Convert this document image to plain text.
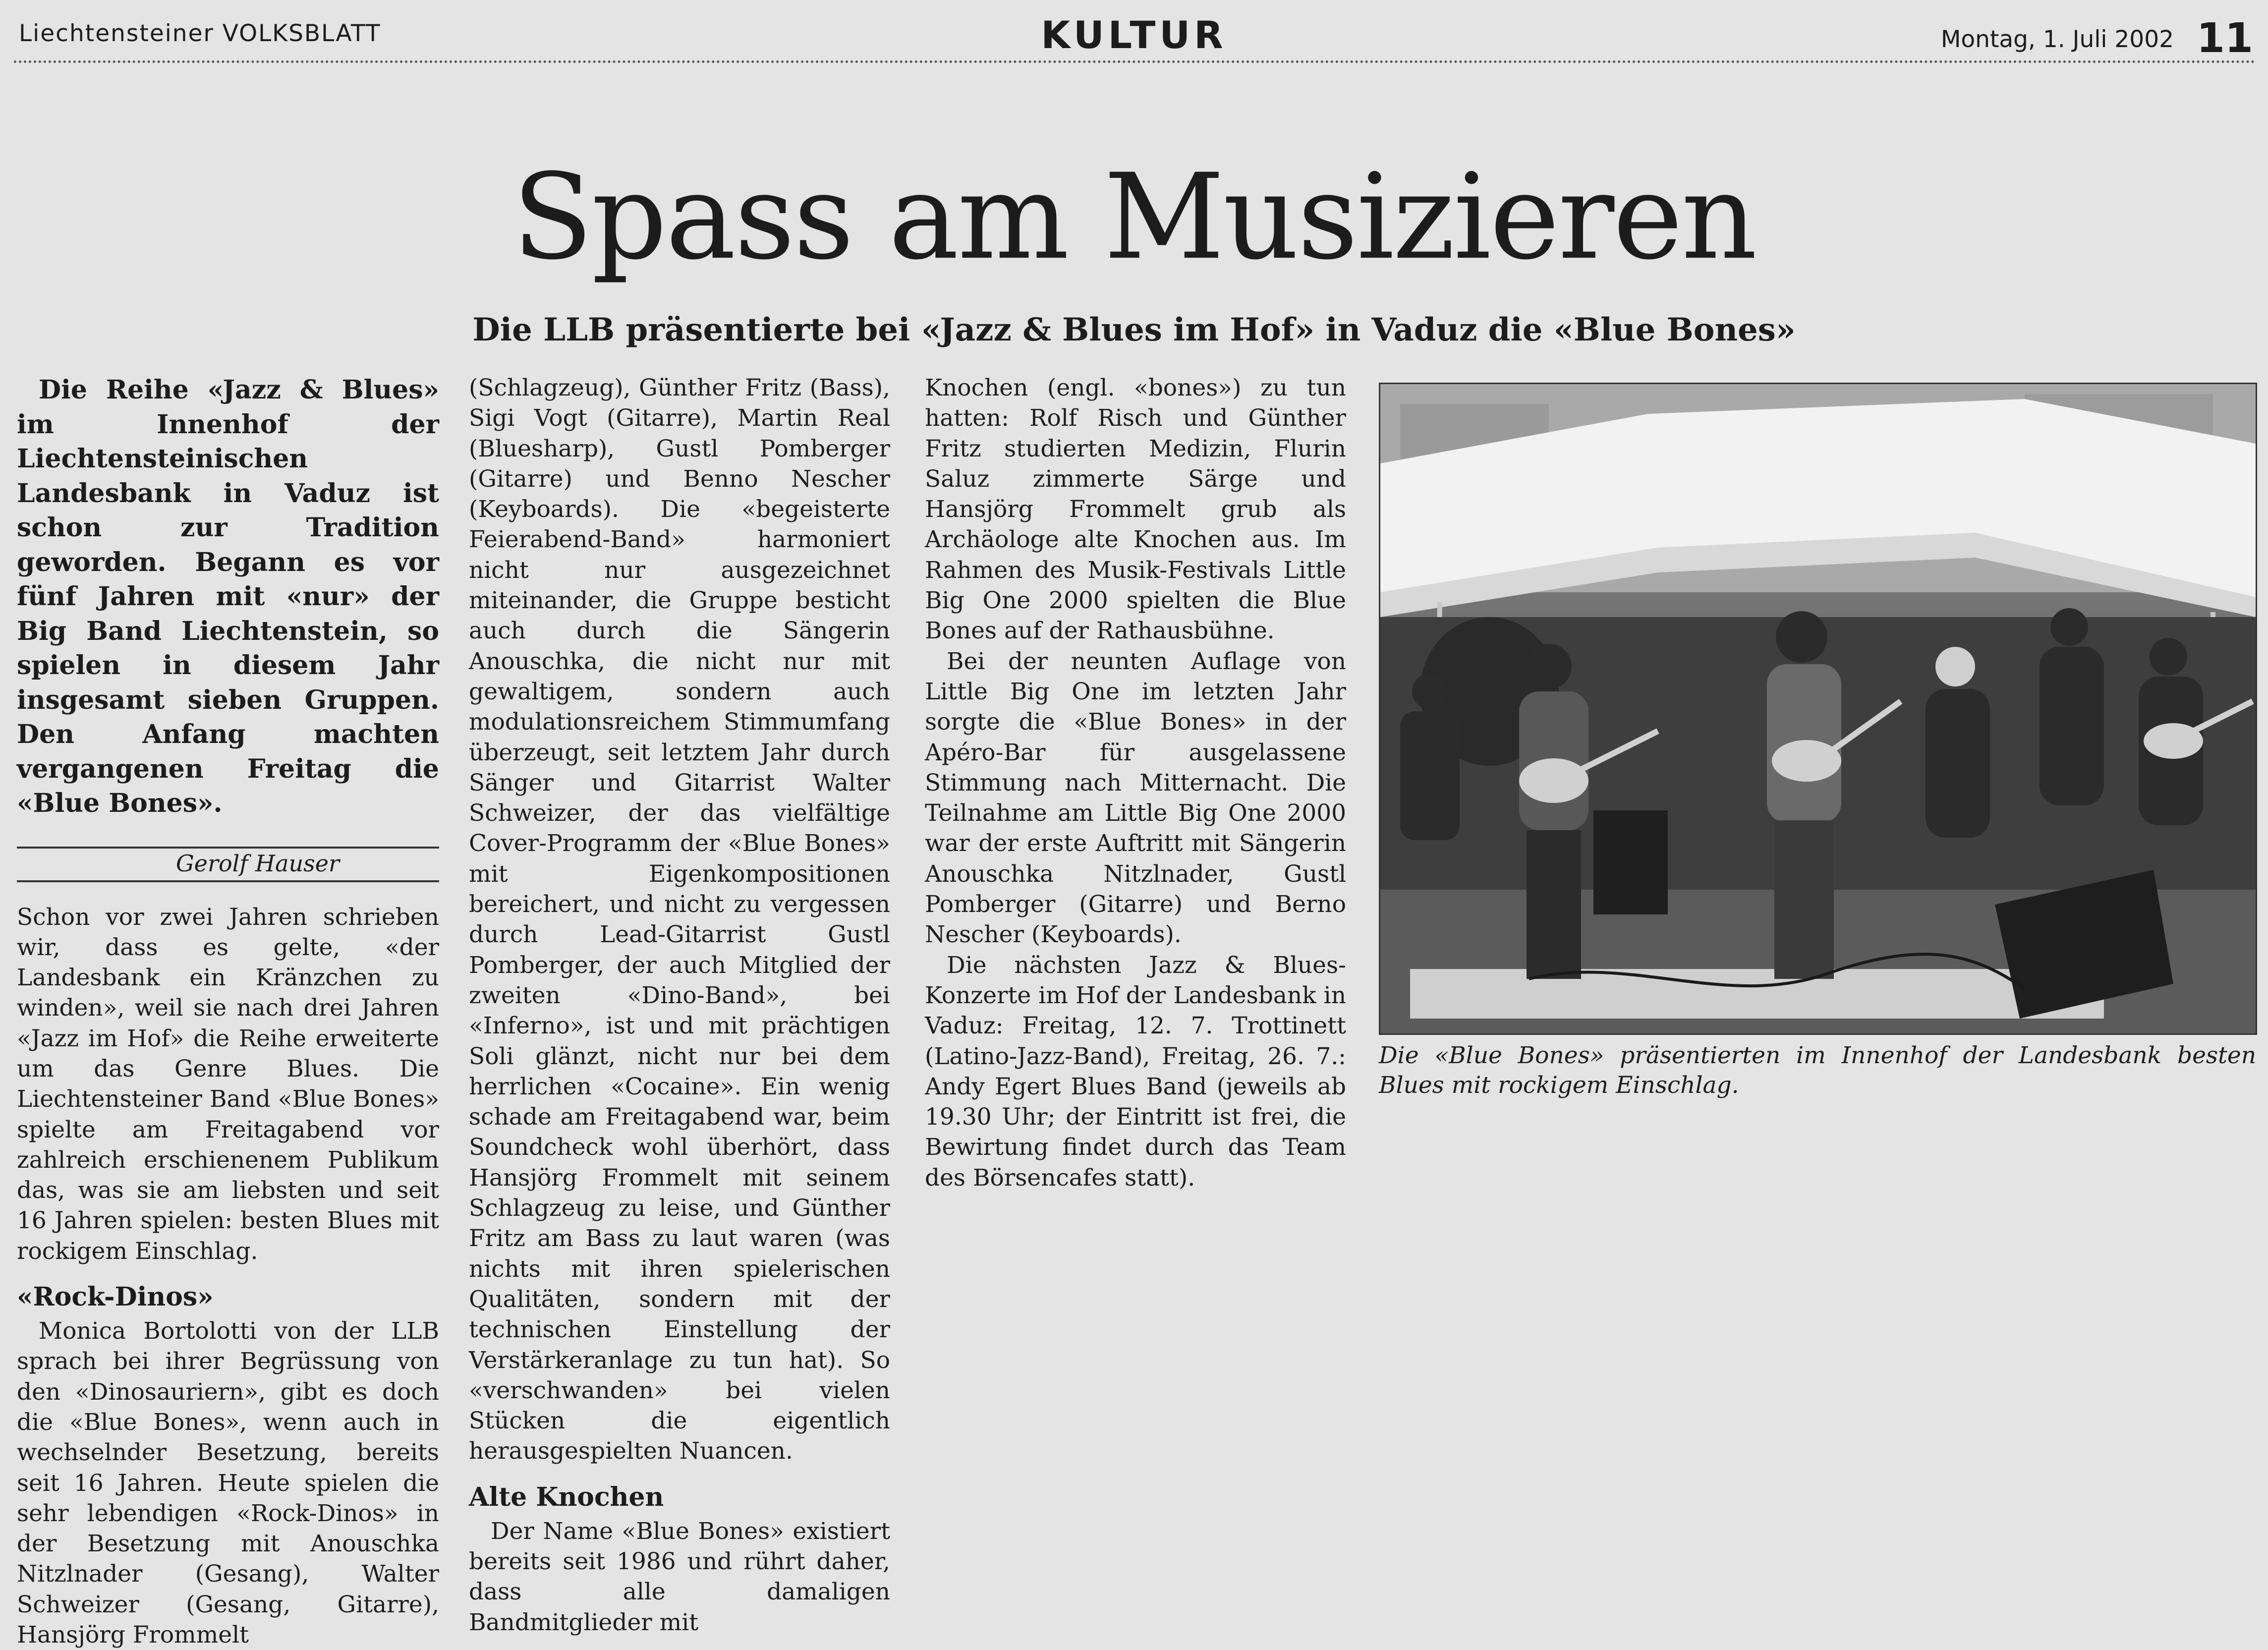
Liechtensteiner VOLKSBLATT	KULTUR	Montag, 1. Juli 2002 11
Spass am Musizieren
Die LLB präsentierte bei «Jazz & Blues im Hof» in Vaduz die «Blue Bones»

Die Reihe «Jazz & Blues» im Innenhof der Liechtensteinischen Landesbank in Vaduz ist schon zur Tradition geworden. Begann es vor fünf Jahren mit «nur» der Big Band Liechtenstein, so spielen in diesem Jahr insgesamt sieben Gruppen. Den Anfang machten vergangenen Freitag die «Blue Bones».

Gerolf Hauser

Schon vor zwei Jahren schrieben wir, dass es gelte, «der Landesbank ein Kränzchen zu winden», weil sie nach drei Jahren «Jazz im Hof» die Reihe erweiterte um das Genre Blues. Die Liechtensteiner Band «Blue Bones» spielte am Freitagabend vor zahlreich erschienenem Publikum das, was sie am liebsten und seit 16 Jahren spielen: besten Blues mit rockigem Einschlag.

«Rock-Dinos»

Monica Bortolotti von der LLB sprach bei ihrer Begrüssung von den «Dinosauriern», gibt es doch die «Blue Bones», wenn auch in wechselnder Besetzung, bereits seit 16 Jahren. Heute spielen die sehr lebendigen «Rock-Dinos» in der Besetzung mit Anouschka Nitzlnader (Gesang), Walter Schweizer (Gesang, Gitarre), Hansjörg Frommelt

(Schlagzeug), Günther Fritz (Bass), Sigi Vogt (Gitarre), Martin Real (Bluesharp), Gustl Pomberger (Gitarre) und Benno Nescher (Keyboards). Die «begeisterte Feierabend-Band» harmoniert nicht nur ausgezeichnet miteinander, die Gruppe besticht auch durch die Sängerin Anouschka, die nicht nur mit gewaltigem, sondern auch modulationsreichem Stimmumfang überzeugt, seit letztem Jahr durch Sänger und Gitarrist Walter Schweizer, der das vielfältige Cover-Programm der «Blue Bones» mit Eigenkompositionen bereichert, und nicht zu vergessen durch Lead-Gitarrist Gustl Pomberger, der auch Mitglied der zweiten «Dino-Band», bei «Inferno», ist und mit prächtigen Soli glänzt, nicht nur bei dem herrlichen «Cocaine». Ein wenig schade am Freitagabend war, beim Soundcheck wohl überhört, dass Hansjörg Frommelt mit seinem Schlagzeug zu leise, und Günther Fritz am Bass zu laut waren (was nichts mit ihren spielerischen Qualitäten, sondern mit der technischen Einstellung der Verstärkeranlage zu tun hat). So «verschwanden» bei vielen Stücken die eigentlich herausgespielten Nuancen.

Alte Knochen

Der Name «Blue Bones» existiert bereits seit 1986 und rührt daher, dass alle damaligen Bandmitglieder mit

Knochen (engl. «bones») zu tun hatten: Rolf Risch und Günther Fritz studierten Medizin, Flurin Saluz zimmerte Särge und Hansjörg Frommelt grub als Archäologe alte Knochen aus. Im Rahmen des Musik-Festivals Little Big One 2000 spielten die Blue Bones auf der Rathausbühne.

Bei der neunten Auflage von Little Big One im letzten Jahr sorgte die «Blue Bones» in der Apéro-Bar für ausgelassene Stimmung nach Mitternacht. Die Teilnahme am Little Big One 2000 war der erste Auftritt mit Sängerin Anouschka Nitzlnader, Gustl Pomberger (Gitarre) und Berno Nescher (Keyboards).

Die nächsten Jazz & Blues-Konzerte im Hof der Landesbank in Vaduz: Freitag, 12. 7. Trottinett (Latino-Jazz-Band), Freitag, 26. 7.: Andy Egert Blues Band (jeweils ab 19.30 Uhr; der Eintritt ist frei, die Bewirtung findet durch das Team des Börsencafes statt).

Die «Blue Bones» präsentierten im Innenhof der Landesbank besten Blues mit rockigem Einschlag.
